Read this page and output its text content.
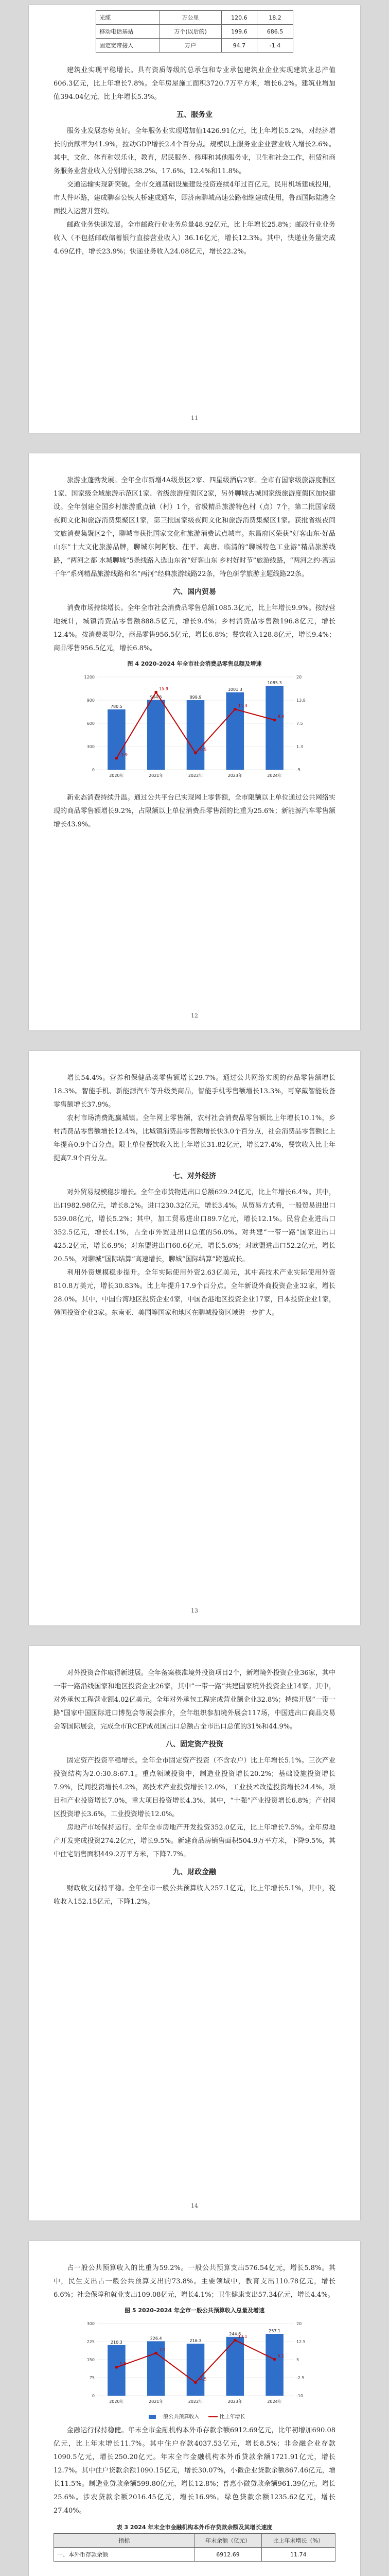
光缆	万公里	120.6	18.2
移动电话基站	万个(以后的)	199.6	686.5
固定宽带接入	万户	94.7	-1.4

建筑业实现平稳增长。具有资质等级的总承包和专业承包建筑业企业实现建筑业总产值606.3亿元，比上年增长7.8%。全年房屋施工面积3720.7万平方米，增长6.2%。建筑业增加值394.04亿元，比上年增长5.3%。

五、服务业

服务业发展态势良好。全年服务业实现增加值1426.91亿元，比上年增长5.2%，对经济增长的贡献率为41.9%，拉动GDP增长2.4个百分点。规模以上服务业企业营业收入增长2.6%。其中，文化、体育和娱乐业，教育，居民服务、修理和其他服务业，卫生和社会工作，租赁和商务服务业营业收入分别增长38.2%、17.6%、12.4%和11.8%。

交通运输实现新突破。全市交通基础设施建设投资连续4年过百亿元，民用机场建成投用，市大件环路，建成聊泰公铁大桥建成通车，即济南聊城高速公路相继建成使用，鲁西国际陆港全面投入运营并签约。

邮政业务快速发展。全市邮政行业业务总量48.92亿元，比上年增长25.8%；邮政行业业务收入（不包括邮政储蓄银行直接营业收入）36.16亿元，增长12.3%。其中，快递业务量完成4.69亿件，增长23.9%；快递业务收入24.08亿元，增长22.2%。

11

旅游业蓬勃发展。全年全市新增4A级景区2家、四星级酒店2家。全市有国家级旅游度假区1家、国家级全域旅游示范区1家、省级旅游度假区2家，另外聊城古城国家级旅游度假区加快建设。全年创建全国乡村旅游重点镇（村）1个，省级精品旅游特色村（点）7个，第二批国家级夜间文化和旅游消费集聚区1家，第三批国家级夜间文化和旅游消费集聚区1家。获批省级夜间文旅消费集聚区2个，聊城市获批国家文化和旅游消费试点城市。东昌府区荣获“好客山东·好品山东”十大文化旅游品牌，聊城东阿阿胶、茌平、高唐、临清的“聊城特色工业游”精品旅游线路，“两河之都 水城聊城”5条线路入选山东省“好客山东 乡村好时节”旅游线路，“两河之约·漕运千年”系列精品旅游线路和名“两河”经典旅游线路22条，特色研学旅游主题线路22条。

六、国内贸易

消费市场持续增长。全年全市社会消费品零售总额1085.3亿元，比上年增长9.9%。按经营地统计，城镇消费品零售额888.5亿元，增长9.4%；乡村消费品零售额196.8亿元，增长12.4%。按消费类型分，商品零售956.5亿元，增长6.8%；餐饮收入128.8亿元，增长9.4%；商品零售956.5亿元，增长6.8%。

图 4 2020-2024 年全市社会消费品零售总额及增速
0
300
600
900
1200
-5
1.3
7.5
13.8
20
780.5
2020年
904.5
2021年
899.9
2022年
1001.3
2023年
1085.3
2024年
-1.9
15.9
-0.5
11.3
8.4

新业态消费持续升温。通过公共平台已实现网上零售额，全市限额以上单位通过公共网络实现的商品零售额增长9.2%，占限额以上单位消费品零售额的比重为25.6%；新能源汽车零售额增长43.9%。

12

增长54.4%。营养和保健品类零售额增长29.7%。通过公共网络实现的商品零售额增长18.3%。智能手机、新能源汽车等升级类商品，智能手机零售额增长13.3%，可穿戴智能设备零售额增长37.9%。

农村市场消费跑赢城镇。全年网上零售额，农村社会消费品零售额比上年增长10.1%，乡村消费品零售额增长12.4%，比城镇消费品零售额增长快3.0个百分点，社会消费品零售额比上年提高0.9个百分点。限上单位餐饮收入比上年增长31.82亿元，增长27.4%，餐饮收入比上年提高7.9个百分点。

七、对外经济

对外贸易规模稳步增长。全年全市货物进出口总额629.24亿元，比上年增长6.4%。其中，出口982.98亿元，增长8.2%。进口230.32亿元，增长3.4%。从贸易方式看，一般贸易进出口539.08亿元，增长5.2%；其中，加工贸易进出口89.7亿元，增长12.1%。民营企业进出口352.5亿元，增长4.1%，占全市外贸进出口总值的56.0%。对共建“一带一路”国家进出口425.2亿元，增长6.9%；对东盟进出口60.6亿元，增长5.6%；对欧盟进出口52.2亿元，增长20.5%，对聊城“国际结算”高速增长，聊城“国际结算”跨越成长。

利用外资规模稳步提升。全年实际使用外资2.63亿美元，其中高技术产业实际使用外资810.8万美元，增长30.83%。比上年提升17.9个百分点。全年新设外商投资企业32家，增长28.0%。其中，中国台湾地区投资企业4家，中国香港地区投资企业17家，日本投资企业1家，韩国投资企业3家。东南亚、美国等国家和地区在聊城投资区域进一步扩大。

13

对外投资合作取得新进展。全年备案核准境外投资项目2个，新增境外投资企业36家，其中一带一路沿线国家和地区投资企业26家，其中“一带一路”共建国家境外投资企业14家。其中，对外承包工程营业额4.02亿美元。全年对外承包工程完成营业额企业32.8%；持续开展“一带一路”国家中国国际进口博览会等展会推介，全年组织参加境外展会117场，中国进出口商品交易会等国际展会，完成全市RCEP成员国出口总额占全市出口总值的31%和44.9%。

八、固定资产投资

固定资产投资平稳增长。全年全市固定资产投资（不含农户）比上年增长5.1%。三次产业投资结构为2.0:30.8:67.1。重点领域投资中，制造业投资增长20.2%；基础设施投资增长7.9%，民间投资增长4.2%，高技术产业投资增长12.0%，工业技术改造投资增长24.4%，项目和产业投资增长7.0%，重大项目投资增长4.3%，其中，“十强”产业投资增长6.8%；产业园区投资增长3.6%，工业投资增长12.0%。

房地产市场保持运行。全年全市房地产开发投资352.0亿元，比上年增长7.5%。全年房地产开发完成投资274.2亿元，增长9.5%。新建商品房销售面积504.9万平方米，下降9.5%，其中住宅销售面积449.2万平方米，下降7.7%。

九、财政金融

财政收支保持平稳。全年全市一般公共预算收入257.1亿元，比上年增长5.1%，其中，税收收入152.15亿元，下降1.2%。

14

占一般公共预算收入的比重为59.2%。一般公共预算支出576.54亿元，增长5.8%。其中，民生支出占一般公共预算支出的73.8%。主要领域中，教育支出110.78亿元，增长6.6%；社会保障和就业支出109.08亿元，增长4.1%；卫生健康支出57.34亿元，增长4.4%。

图 5 2020-2024 年全市一般公共预算收入总量及增速
0
75
150
225
300
-10
-2.5
5
12.5
20
210.3
2020年
226.4
2021年
216.3
2022年
244.6
2023年
257.1
2024年
1.8
7.7
-4.5
13.1
5.1
一般公共预算收入	比上年增长

金融运行保持稳健。年末全市金融机构本外币存款余额6912.69亿元，比年初增加690.08亿元，比上年末增长11.7%。其中住户存款4037.53亿元，增长8.5%；非金融企业存款1090.5亿元，增长250.20亿元。年末全市金融机构本外币贷款余额1721.91亿元，增长12.7%。其中住户贷款余额1090.15亿元，增长30.07%，小微企业贷款余额867.46亿元，增长11.5%。制造业贷款余额599.80亿元，增长12.8%；普惠小微贷款余额961.39亿元，增长25.6%。涉农贷款余额2016.45亿元，增长16.9%。绿色贷款余额1235.62亿元，增长27.40%。

表 3 2024 年末全市金融机构本外币存贷款余额及其增长速度
指标	年末余额（亿元）	比上年末增长（%）
一、本外币存款余额	6912.69	11.74
